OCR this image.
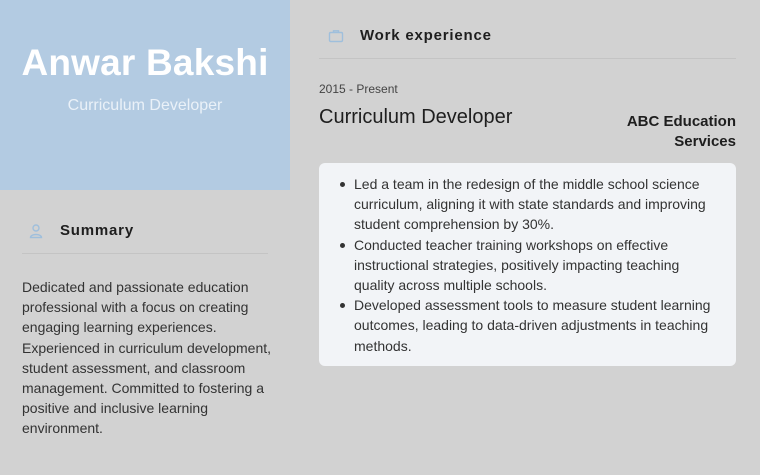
Anwar Bakshi
Curriculum Developer
Summary
Dedicated and passionate education professional with a focus on creating engaging learning experiences. Experienced in curriculum development, student assessment, and classroom management. Committed to fostering a positive and inclusive learning environment.
Work experience
2015 - Present
Curriculum Developer	ABC Education Services
Led a team in the redesign of the middle school science curriculum, aligning it with state standards and improving student comprehension by 30%.
Conducted teacher training workshops on effective instructional strategies, positively impacting teaching quality across multiple schools.
Developed assessment tools to measure student learning outcomes, leading to data-driven adjustments in teaching methods.
